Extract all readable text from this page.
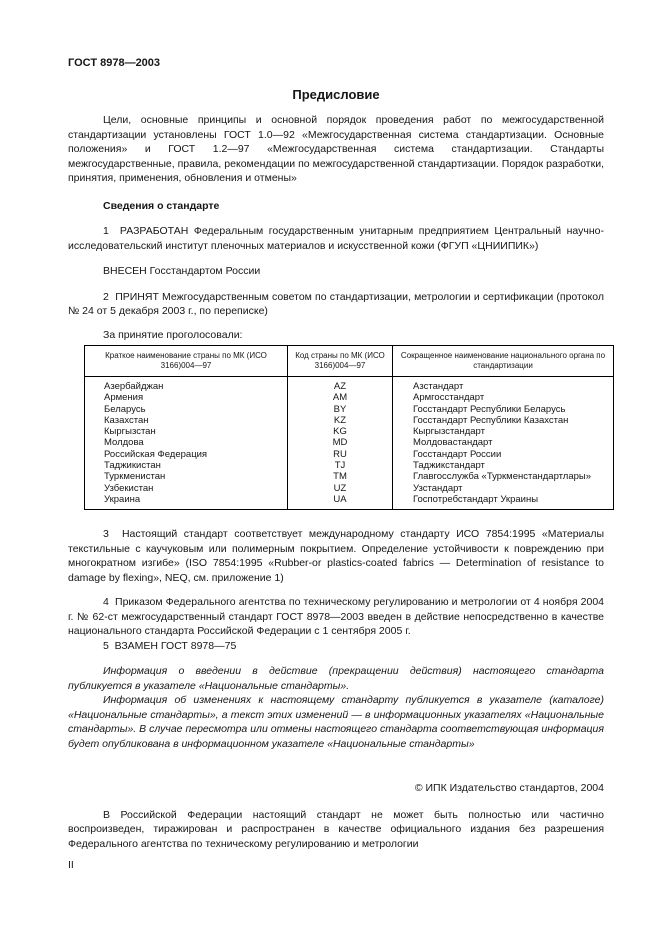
ГОСТ 8978—2003
Предисловие

Цели, основные принципы и основной порядок проведения работ по межгосударственной стандартизации установлены ГОСТ 1.0—92 «Межгосударственная система стандартизации. Основные положения» и ГОСТ 1.2—97 «Межгосударственная система стандартизации. Стандарты межгосударственные, правила, рекомендации по межгосударственной стандартизации. Порядок разработки, принятия, применения, обновления и отмены»

Сведения о стандарте

1  РАЗРАБОТАН Федеральным государственным унитарным предприятием Центральный научно-исследовательский институт пленочных материалов и искусственной кожи (ФГУП «ЦНИИПИК»)

ВНЕСЕН Госстандартом России

2  ПРИНЯТ Межгосударственным советом по стандартизации, метрологии и сертификации (протокол № 24 от 5 декабря 2003 г., по переписке)

За принятие проголосовали:

Краткое наименование страны по МК (ИСО 3166)004—97	Код страны по МК (ИСО 3166)004—97	Сокращенное наименование национального органа по стандартизации
Азербайджан	AZ	Азстандарт
Армения	AM	Армгосстандарт
Беларусь	BY	Госстандарт Республики Беларусь
Казахстан	KZ	Госстандарт Республики Казахстан
Кыргызстан	KG	Кыргызстандарт
Молдова	MD	Молдовастандарт
Российская Федерация	RU	Госстандарт России
Таджикистан	TJ	Таджикстандарт
Туркменистан	TM	Главгосслужба «Туркменстандартлары»
Узбекистан	UZ	Узстандарт
Украина	UA	Госпотребстандарт Украины

3  Настоящий стандарт соответствует международному стандарту ИСО 7854:1995 «Материалы текстильные с каучуковым или полимерным покрытием. Определение устойчивости к повреждению при многократном изгибе» (ISO 7854:1995 «Rubber-or plastics-coated fabrics — Determination of resistance to damage by flexing», NEQ, см. приложение 1)

4  Приказом Федерального агентства по техническому регулированию и метрологии от 4 ноября 2004 г. № 62-ст межгосударственный стандарт ГОСТ 8978—2003 введен в действие непосредственно в качестве национального стандарта Российской Федерации с 1 сентября 2005 г.

5  ВЗАМЕН ГОСТ 8978—75

Информация о введении в действие (прекращении действия) настоящего стандарта публикуется в указателе «Национальные стандарты».

Информация об изменениях к настоящему стандарту публикуется в указателе (каталоге) «Национальные стандарты», а текст этих изменений — в информационных указателях «Национальные стандарты». В случае пересмотра или отмены настоящего стандарта соответствующая информация будет опубликована в информационном указателе «Национальные стандарты»

© ИПК Издательство стандартов, 2004

В Российской Федерации настоящий стандарт не может быть полностью или частично воспроизведен, тиражирован и распространен в качестве официального издания без разрешения Федерального агентства по техническому регулированию и метрологии

II
